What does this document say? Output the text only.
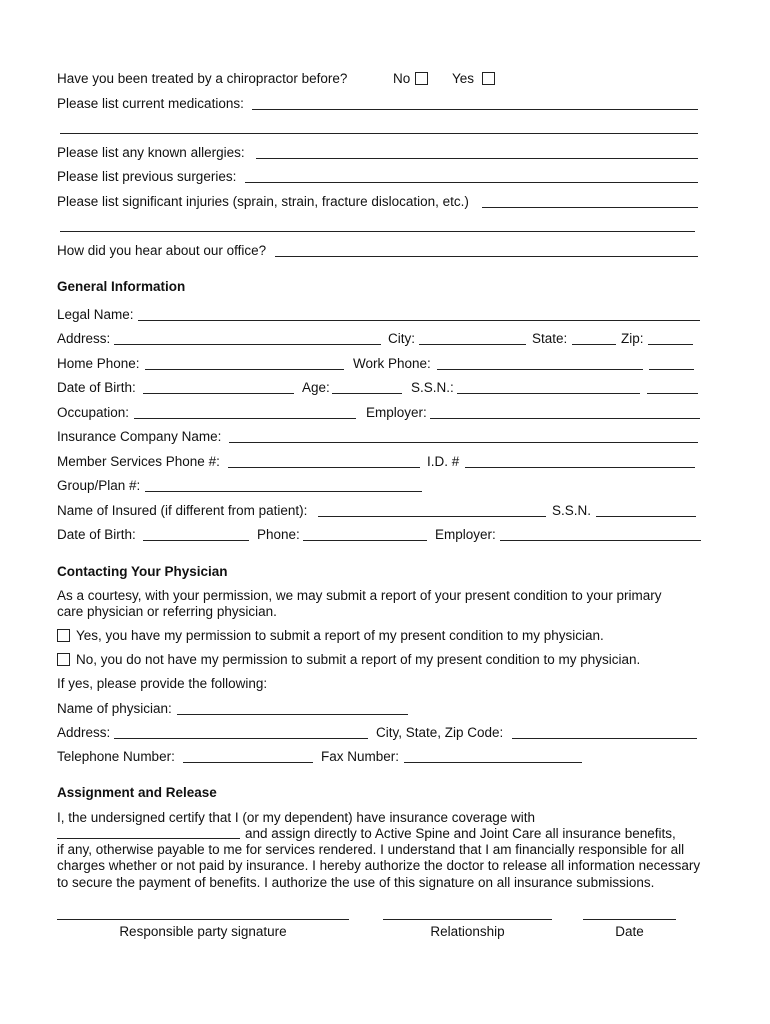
Have you been treated by a chiropractor before?	No	Yes
Please list current medications:
Please list any known allergies:
Please list previous surgeries:
Please list significant injuries (sprain, strain, fracture dislocation, etc.)
How did you hear about our office?
General Information
Legal Name:
Address:	City:	State:	Zip:
Home Phone:	Work Phone:
Date of Birth:	Age:	S.S.N.:
Occupation:	Employer:
Insurance Company Name:
Member Services Phone #:	I.D. #
Group/Plan #:
Name of Insured (if different from patient):	S.S.N.
Date of Birth:	Phone:	Employer:
Contacting Your Physician
As a courtesy, with your permission, we may submit a report of your present condition to your primary
care physician or referring physician.
Yes, you have my permission to submit a report of my present condition to my physician.
No, you do not have my permission to submit a report of my present condition to my physician.
If yes, please provide the following:
Name of physician:
Address:	City, State, Zip Code:
Telephone Number:	Fax Number:
Assignment and Release
I, the undersigned certify that I (or my dependent) have insurance coverage with
and assign directly to Active Spine and Joint Care all insurance benefits,
if any, otherwise payable to me for services rendered. I understand that I am financially responsible for all
charges whether or not paid by insurance. I hereby authorize the doctor to release all information necessary
to secure the payment of benefits. I authorize the use of this signature on all insurance submissions.
Responsible party signature	Relationship	Date
